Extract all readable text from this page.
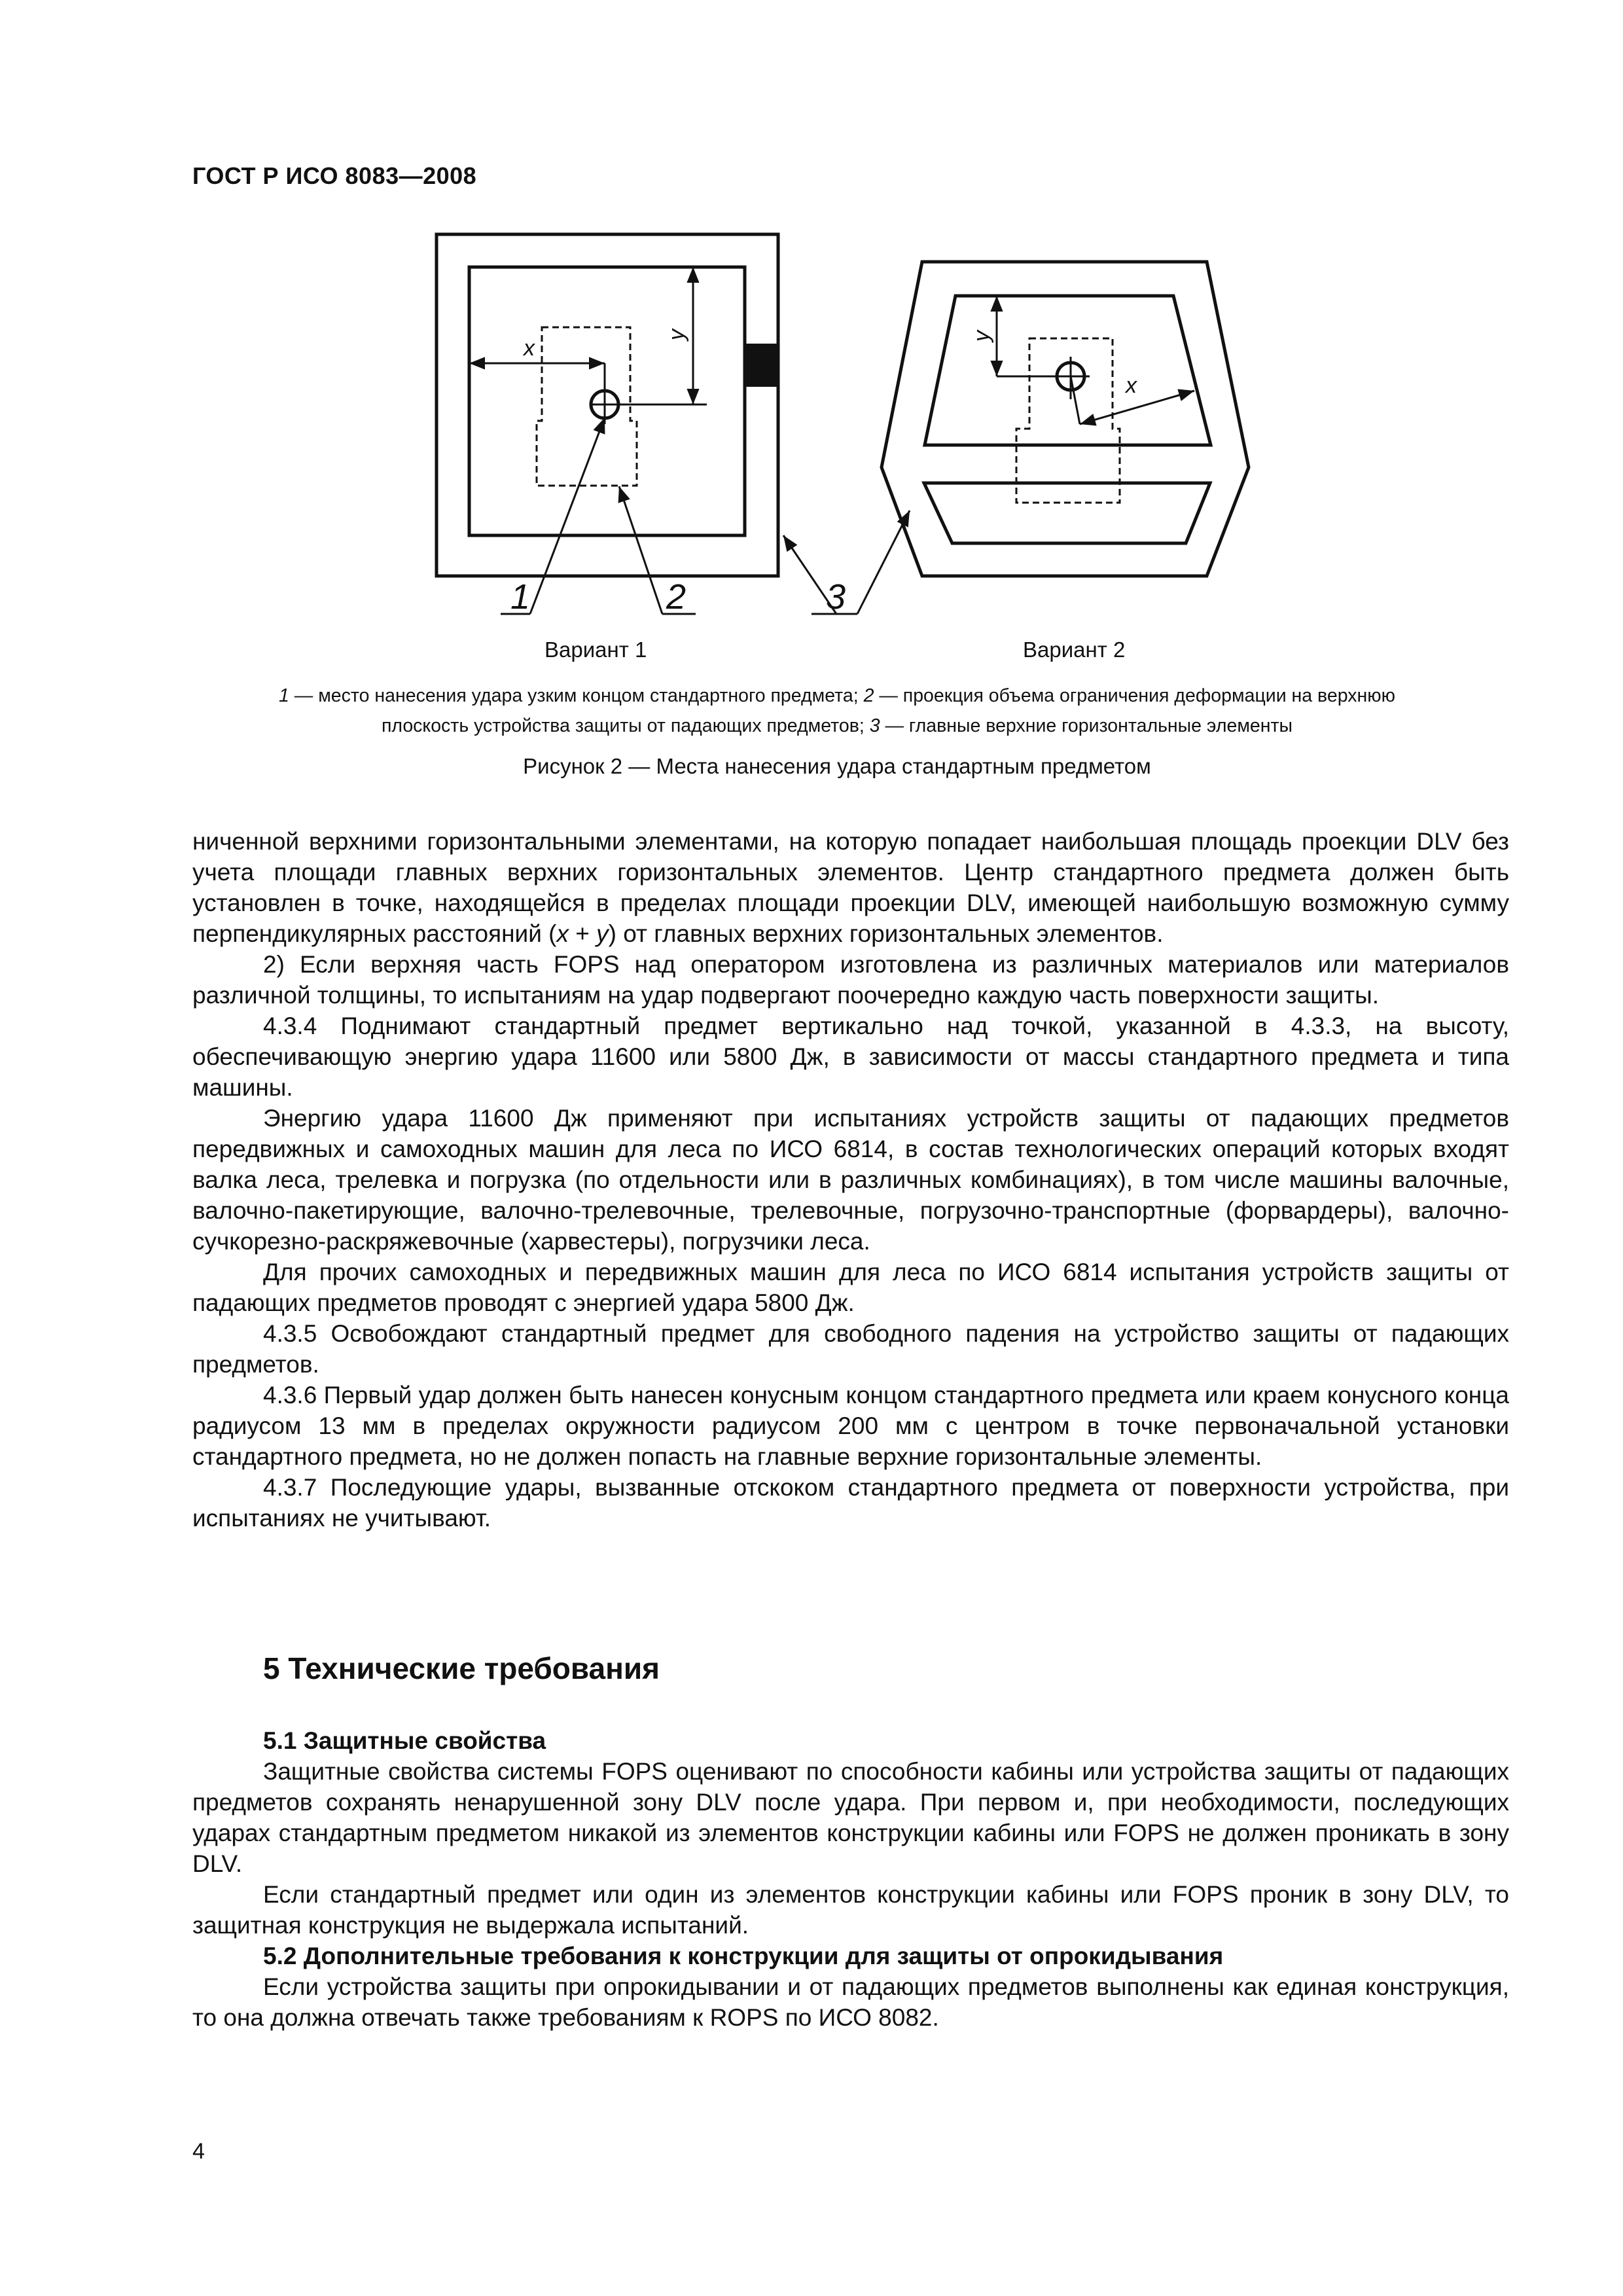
ГОСТ Р ИСО 8083—2008
x
y	y
x
1	2	3
Вариант 1	Вариант 2
1 — место нанесения удара узким концом стандартного предмета; 2 — проекция объема ограничения деформации на верхнюю
плоскость устройства защиты от падающих предметов; 3 — главные верхние горизонтальные элементы
Рисунок 2 — Места нанесения удара стандартным предметом

ниченной верхними горизонтальными элементами, на которую попадает наибольшая площадь проекции DLV без учета площади главных верхних горизонтальных элементов. Центр стандартного предмета должен быть установлен в точке, находящейся в пределах площади проекции DLV, имеющей наибольшую возможную сумму перпендикулярных расстояний (x + y) от главных верхних горизонтальных элементов.

2) Если верхняя часть FOPS над оператором изготовлена из различных материалов или материалов различной толщины, то испытаниям на удар подвергают поочередно каждую часть поверхности защиты.

4.3.4 Поднимают стандартный предмет вертикально над точкой, указанной в 4.3.3, на высоту, обеспечивающую энергию удара 11600 или 5800 Дж, в зависимости от массы стандартного предмета и типа машины.

Энергию удара 11600 Дж применяют при испытаниях устройств защиты от падающих предметов передвижных и самоходных машин для леса по ИСО 6814, в состав технологических операций которых входят валка леса, трелевка и погрузка (по отдельности или в различных комбинациях), в том числе машины валочные, валочно-пакетирующие, валочно-трелевочные, трелевочные, погрузочно-транспортные (форвардеры), валочно-сучкорезно-раскряжевочные (харвестеры), погрузчики леса.

Для прочих самоходных и передвижных машин для леса по ИСО 6814 испытания устройств защиты от падающих предметов проводят с энергией удара 5800 Дж.

4.3.5 Освобождают стандартный предмет для свободного падения на устройство защиты от падающих предметов.

4.3.6 Первый удар должен быть нанесен конусным концом стандартного предмета или краем конусного конца радиусом 13 мм в пределах окружности радиусом 200 мм с центром в точке первоначальной установки стандартного предмета, но не должен попасть на главные верхние горизонтальные элементы.

4.3.7 Последующие удары, вызванные отскоком стандартного предмета от поверхности устройства, при испытаниях не учитывают.

5 Технические требования

5.1 Защитные свойства

Защитные свойства системы FOPS оценивают по способности кабины или устройства защиты от падающих предметов сохранять ненарушенной зону DLV после удара. При первом и, при необходимости, последующих ударах стандартным предметом никакой из элементов конструкции кабины или FOPS не должен проникать в зону DLV.

Если стандартный предмет или один из элементов конструкции кабины или FOPS проник в зону DLV, то защитная конструкция не выдержала испытаний.

5.2 Дополнительные требования к конструкции для защиты от опрокидывания

Если устройства защиты при опрокидывании и от падающих предметов выполнены как единая конструкция, то она должна отвечать также требованиям к ROPS по ИСО 8082.

4
